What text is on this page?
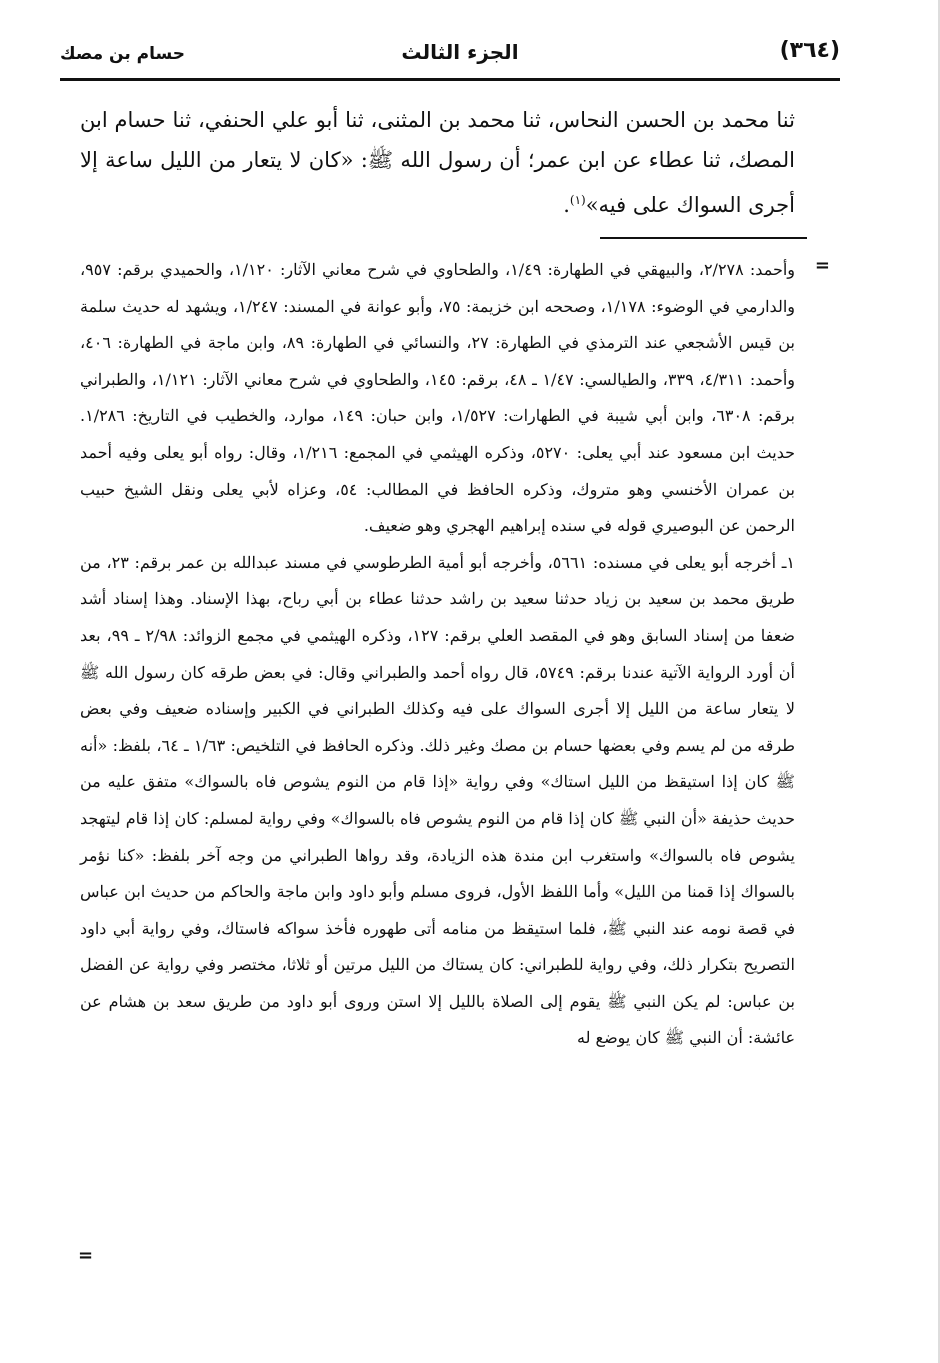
(٣٦٤)
الجزء الثالث
حسام بن مصك

ثنا محمد بن الحسن النحاس، ثنا محمد بن المثنى، ثنا أبو علي الحنفي، ثنا حسام ابن المصك، ثنا عطاء عن ابن عمر؛ أن رسول الله ﷺ: «كان لا يتعار من الليل ساعة إلا أجرى السواك على فيه»$^{(١)}$.

=

وأحمد: ٢/٢٧٨، والبيهقي في الطهارة: ١/٤٩، والطحاوي في شرح معاني الآثار: ١/١٢٠، والحميدي برقم: ٩٥٧، والدارمي في الوضوء: ١/١٧٨، وصححه ابن خزيمة: ٧٥، وأبو عوانة في المسند: ١/٢٤٧، ويشهد له حديث سلمة بن قيس الأشجعي عند الترمذي في الطهارة: ٢٧، والنسائي في الطهارة: ٨٩، وابن ماجة في الطهارة: ٤٠٦، وأحمد: ٤/٣١١، ٣٣٩، والطيالسي: ١/٤٧ ـ ٤٨، برقم: ١٤٥، والطحاوي في شرح معاني الآثار: ١/١٢١، والطبراني برقم: ٦٣٠٨، وابن أبي شيبة في الطهارات: ١/٥٢٧، وابن حبان: ١٤٩، موارد، والخطيب في التاريخ: ١/٢٨٦. حديث ابن مسعود عند أبي يعلى: ٥٢٧٠، وذكره الهيثمي في المجمع: ١/٢١٦، وقال: رواه أبو يعلى وفيه أحمد بن عمران الأخنسي وهو متروك، وذكره الحافظ في المطالب: ٥٤، وعزاه لأبي يعلى ونقل الشيخ حبيب الرحمن عن البوصيري قوله في سنده إبراهيم الهجري وهو ضعيف.

١ـ أخرجه أبو يعلى في مسنده: ٥٦٦١، وأخرجه أبو أمية الطرطوسي في مسند عبدالله بن عمر برقم: ٢٣، من طريق محمد بن سعيد بن زياد حدثنا سعيد بن راشد حدثنا عطاء بن أبي رباح، بهذا الإسناد. وهذا إسناد أشد ضعفا من إسناد السابق وهو في المقصد العلي برقم: ١٢٧، وذكره الهيثمي في مجمع الزوائد: ٢/٩٨ ـ ٩٩، بعد أن أورد الرواية الآتية عندنا برقم: ٥٧٤٩، قال رواه أحمد والطبراني وقال: في بعض طرقه كان رسول الله ﷺ لا يتعار ساعة من الليل إلا أجرى السواك على فيه وكذلك الطبراني في الكبير وإسناده ضعيف وفي بعض طرقه من لم يسم وفي بعضها حسام بن مصك وغير ذلك. وذكره الحافظ في التلخيص: ١/٦٣ ـ ٦٤، بلفظ: «أنه ﷺ كان إذا استيقظ من الليل استاك» وفي رواية «إذا قام من النوم يشوص فاه بالسواك» متفق عليه من حديث حذيفة «أن النبي ﷺ كان إذا قام من النوم يشوص فاه بالسواك» وفي رواية لمسلم: كان إذا قام ليتهجد يشوص فاه بالسواك» واستغرب ابن مندة هذه الزيادة، وقد رواها الطبراني من وجه آخر بلفظ: «كنا نؤمر بالسواك إذا قمنا من الليل» وأما اللفظ الأول، فروى مسلم وأبو داود وابن ماجة والحاكم من حديث ابن عباس في قصة نومه عند النبي ﷺ، فلما استيقظ من منامه أتى طهوره فأخذ سواكه فاستاك، وفي رواية أبي داود التصريح بتكرار ذلك، وفي رواية للطبراني: كان يستاك من الليل مرتين أو ثلاثا، مختصر وفي رواية عن الفضل بن عباس: لم يكن النبي ﷺ يقوم إلى الصلاة بالليل إلا استن وروى أبو داود من طريق سعد بن هشام عن عائشة: أن النبي ﷺ كان يوضع له

=
